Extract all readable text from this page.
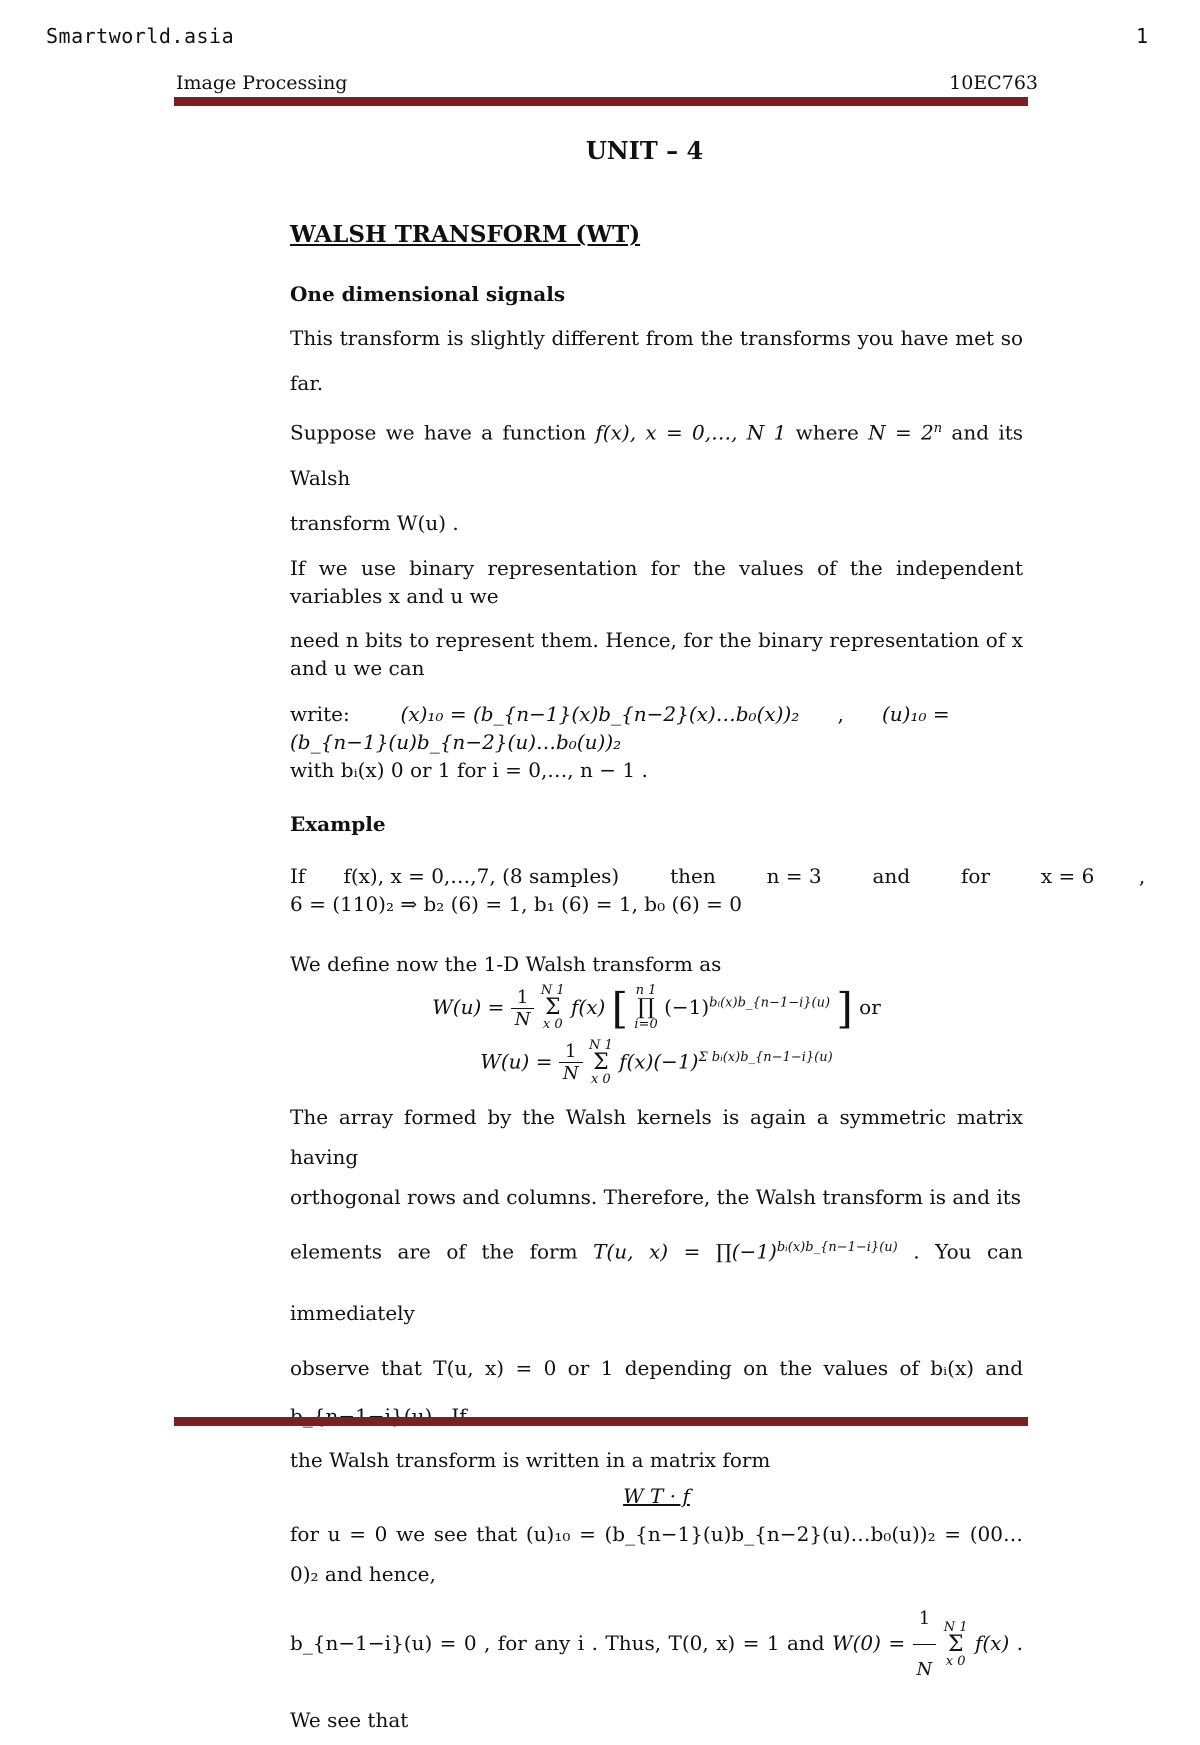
Smartworld.asia	1
Image Processing	10EC763
UNIT – 4
WALSH TRANSFORM (WT)
One dimensional signals

This transform is slightly different from the transforms you have met so far.

Suppose we have a function f(x), x = 0,…, N 1 where $N = 2^n$ and its Walsh

transform W(u) .

If we use binary representation for the values of the independent variables x and u we

need n bits to represent them. Hence, for the binary representation of x and u we can

write:	(x)₁₀ = (b_{n−1}(x)b_{n−2}(x)…b₀(x))₂ , (u)₁₀ = (b_{n−1}(u)b_{n−2}(u)…b₀(u))₂

with bᵢ(x) 0 or 1 for i = 0,…, n − 1 .

Example

If      f(x), x = 0,…,7, (8 samples)        then        n = 3        and        for        x = 6       ,

6 = (110)₂ ⇒ b₂ (6) = 1, b₁ (6) = 1, b₀ (6) = 0

We define now the 1-D Walsh transform as

$W(u) = \frac{1}{N}$ N 1
Σ
x 0 f(x) [ n 1
∏
i=0 $(-1)^{bᵢ(x)b\_\{n-1-i\}(u)}$ ] or
$W(u) = \frac{1}{N}$ N 1
Σ
x 0 $f(x)(-1)^{\Sigma bᵢ(x)b\_\{n-1-i\}(u)}$

The array formed by the Walsh kernels is again a symmetric matrix having

orthogonal rows and columns. Therefore, the Walsh transform is and its

elements are of the form T(u, $x) = \prod(-1)^{bᵢ(x)b\_\{n-1-i\}(u)}$ . You can immediately

observe that T(u, x) = 0 or 1 depending on the values of bᵢ(x) and

the Walsh transform is written in a matrix form

W T · f

for u = 0 we see that (u)₁₀ = (b_{n−1}(u)b_{n−2}(u)…b₀(u))₂ = (00…0)₂ and hence,

b_{n−1−i}(u) = 0 , for any i . Thus, T(0, x) = 1 and $W(0) = \frac{1}{N}$ N 1
Σ
x 0 f(x) . We see that
